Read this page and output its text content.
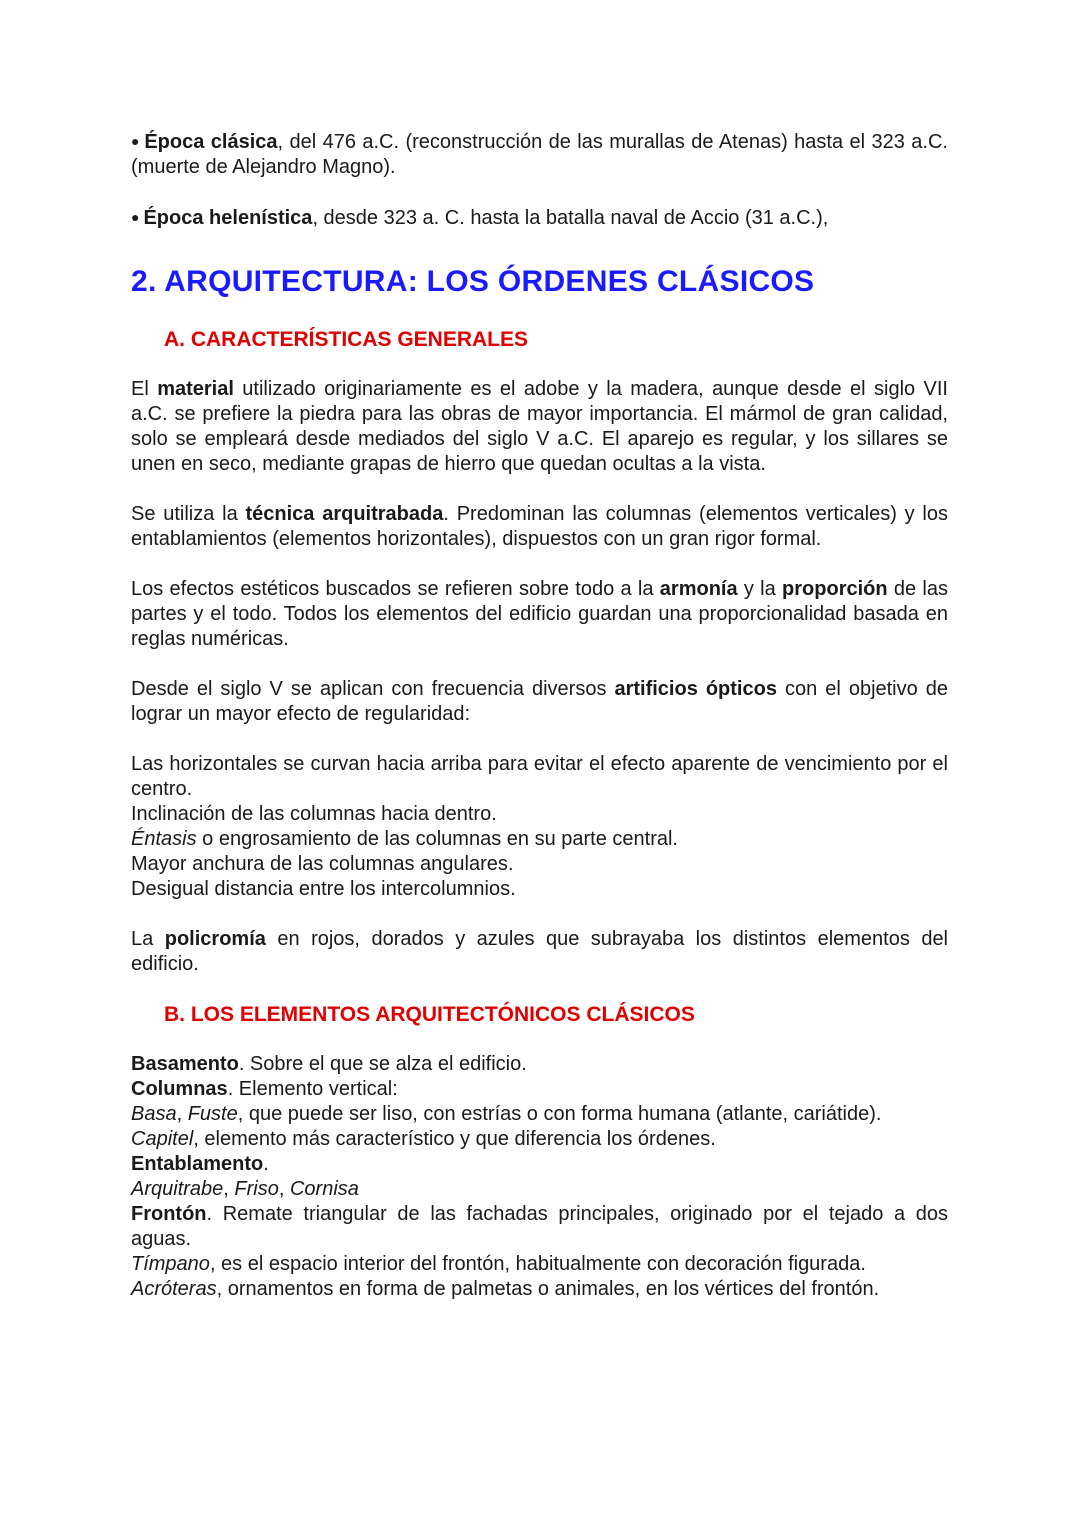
● Época clásica, del 476 a.C. (reconstrucción de las murallas de Atenas) hasta el 323 a.C. (muerte de Alejandro Magno).

● Época helenística, desde 323 a. C. hasta la batalla naval de Accio (31 a.C.),

2. ARQUITECTURA: LOS ÓRDENES CLÁSICOS
A. CARACTERÍSTICAS GENERALES

El material utilizado originariamente es el adobe y la madera, aunque desde el siglo VII a.C. se prefiere la piedra para las obras de mayor importancia. El mármol de gran calidad, solo se empleará desde mediados del siglo V a.C. El aparejo es regular, y los sillares se unen en seco, mediante grapas de hierro que quedan ocultas a la vista.

Se utiliza la técnica arquitrabada. Predominan las columnas (elementos verticales) y los entablamientos (elementos horizontales), dispuestos con un gran rigor formal.

Los efectos estéticos buscados se refieren sobre todo a la armonía y la proporción de las partes y el todo. Todos los elementos del edificio guardan una proporcionalidad basada en reglas numéricas.

Desde el siglo V se aplican con frecuencia diversos artificios ópticos con el objetivo de lograr un mayor efecto de regularidad:

Las horizontales se curvan hacia arriba para evitar el efecto aparente de vencimiento por el centro.

Inclinación de las columnas hacia dentro.

Éntasis o engrosamiento de las columnas en su parte central.

Mayor anchura de las columnas angulares.

Desigual distancia entre los intercolumnios.

La policromía en rojos, dorados y azules que subrayaba los distintos elementos del edificio.

B. LOS ELEMENTOS ARQUITECTÓNICOS CLÁSICOS

Basamento. Sobre el que se alza el edificio.

Columnas. Elemento vertical:

Basa, Fuste, que puede ser liso, con estrías o con forma humana (atlante, cariátide).

Capitel, elemento más característico y que diferencia los órdenes.

Entablamento.

Arquitrabe, Friso, Cornisa

Frontón. Remate triangular de las fachadas principales, originado por el tejado a dos aguas.

Tímpano, es el espacio interior del frontón, habitualmente con decoración figurada.

Acróteras, ornamentos en forma de palmetas o animales, en los vértices del frontón.
